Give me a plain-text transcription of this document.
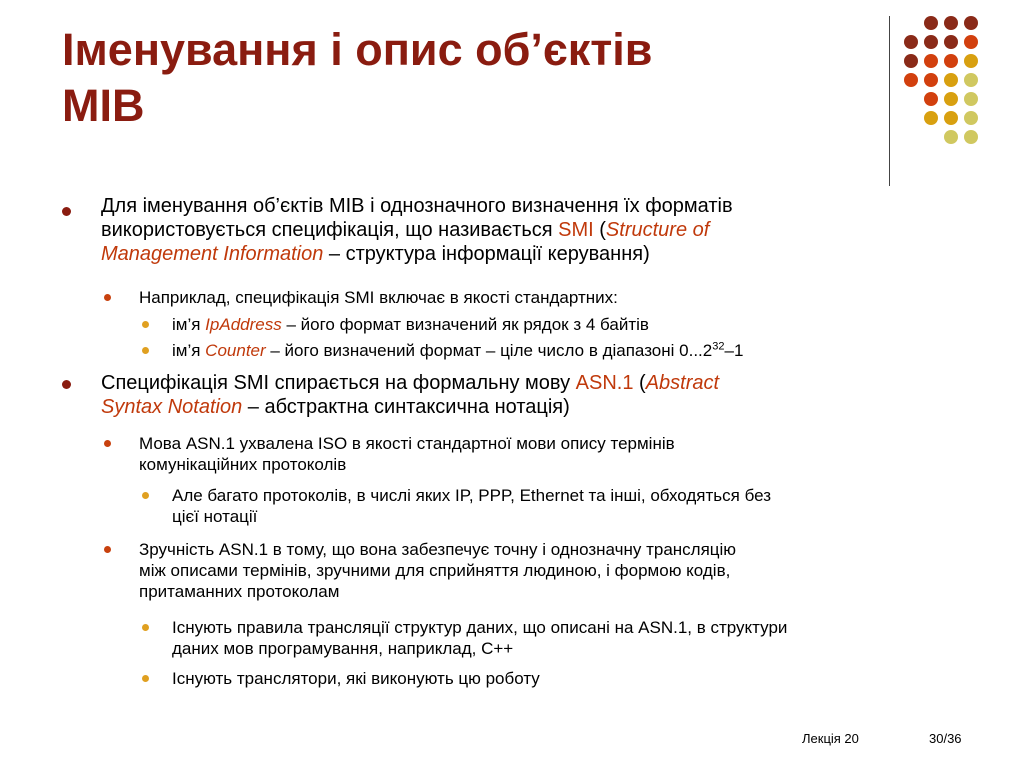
Іменування і опис об’єктів
MIB
Для іменування об’єктів MIB і однозначного визначення їх форматів
використовується специфікація, що називається SMI (Structure of
Management Information – структура інформації керування)
Наприклад, специфікація SMI включає в якості стандартних:
ім’я IpAddress – його формат визначений як рядок з 4 байтів
ім’я Counter – його визначений формат – ціле число в діапазоні 0...2$^{32}$–1
Специфікація SMI спирається на формальну мову ASN.1 (Abstract
Syntax Notation – абстрактна синтаксична нотація)
Мова ASN.1 ухвалена ISO в якості стандартної мови опису термінів
комунікаційних протоколів
Але багато протоколів, в числі яких IP, PPP, Ethernet та інші, обходяться без
цієї нотації
Зручність ASN.1 в тому, що вона забезпечує точну і однозначну трансляцію
між описами термінів, зручними для сприйняття людиною, і формою кодів,
притаманних протоколам
Існують правила трансляції структур даних, що описані на ASN.1, в структури
даних мов програмування, наприклад, C++
Існують транслятори, які виконують цю роботу
Лекція 20	30/36
